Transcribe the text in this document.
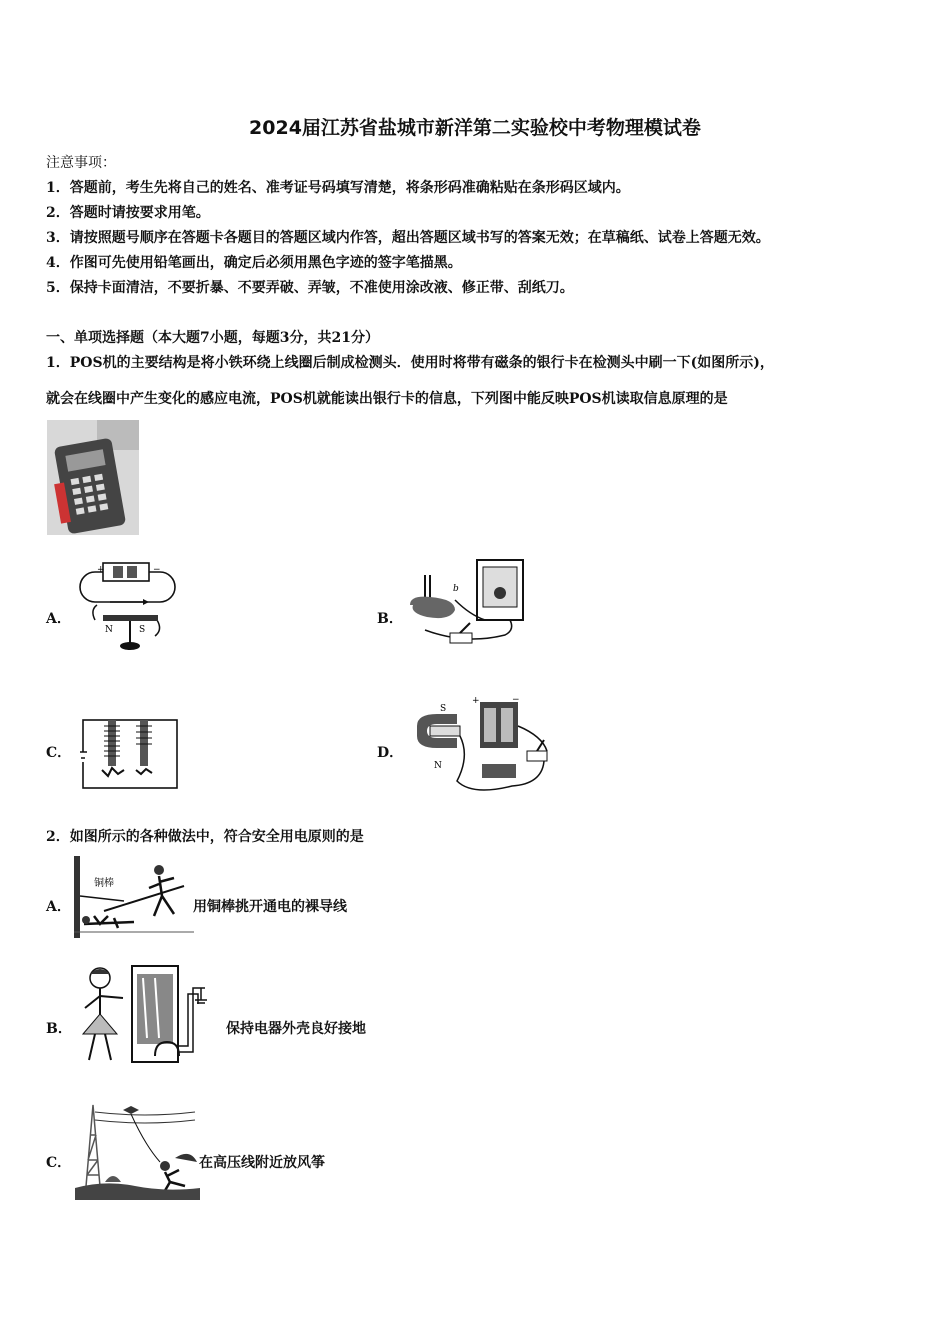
2024届江苏省盐城市新洋第二实验校中考物理模试卷
注意事项：
1．答题前，考生先将自己的姓名、准考证号码填写清楚，将条形码准确粘贴在条形码区域内。
2．答题时请按要求用笔。
3．请按照题号顺序在答题卡各题目的答题区域内作答，超出答题区域书写的答案无效；在草稿纸、试卷上答题无效。
4．作图可先使用铅笔画出，确定后必须用黑色字迹的签字笔描黑。
5．保持卡面清洁，不要折暴、不要弄破、弄皱，不准使用涂改液、修正带、刮纸刀。
一、单项选择题（本大题7小题，每题3分，共21分）
1．POS机的主要结构是将小铁环绕上线圈后制成检测头．使用时将带有磁条的银行卡在检测头中刷一下(如图所示)，
就会在线圈中产生变化的感应电流，POS机就能读出银行卡的信息，下列图中能反映POS机读取信息原理的是
A．
+	−
N	S
B．
b
C．	D．
S
N
+	−
2．如图所示的各种做法中，符合安全用电原则的是
A．
铜棒
用铜棒挑开通电的裸导线
B．	保持电器外壳良好接地
C．	在高压线附近放风筝
